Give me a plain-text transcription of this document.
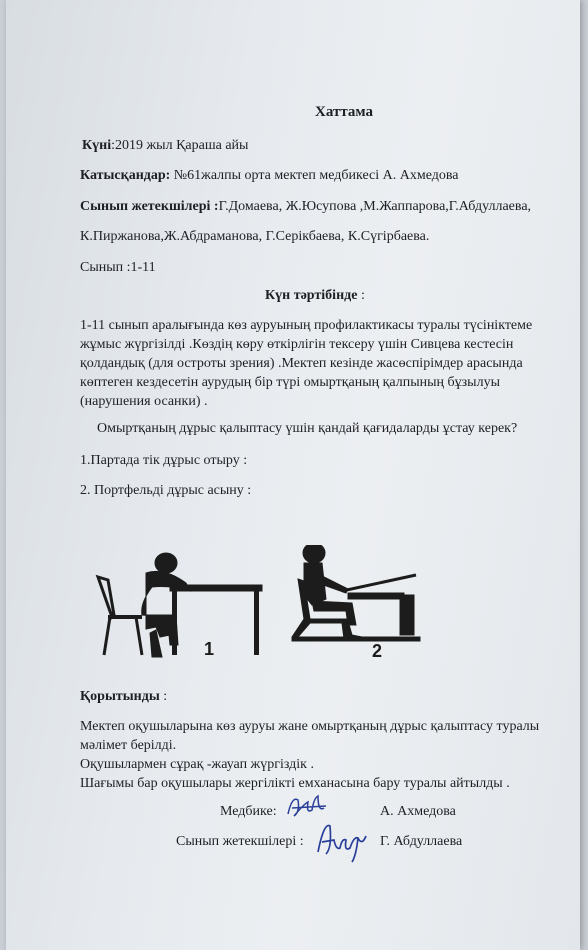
Хаттама
Күні:2019 жыл Қараша айы
Катысқандар: №61жалпы орта мектеп медбикесі А. Ахмедова
Сынып жетекшілері :Г.Домаева, Ж.Юсупова ,М.Жаппарова,Г.Абдуллаева,
К.Пиржанова,Ж.Абдраманова, Г.Серікбаева, К.Сүгірбаева.
Сынып :1-11
Күн тәртібінде :
1-11 сынып аралығында көз ауруының профилактикасы туралы түсініктеме жұмыс жүргізілді .Көздің көру өткірлігін тексеру үшін Сивцева кестесін қолдандық (для остроты зрения) .Мектеп кезінде жасөспірімдер арасында көптеген кездесетін аурудың бір түрі омыртқаның қалпының бұзылуы (нарушения осанки) .
Омыртқаның дұрыс қалыптасу үшін қандай қағидаларды ұстау керек?
1.Партада тік дұрыс отыру :
2. Портфельді дұрыс асыну :
1	2
Қорытынды :
Мектеп оқушыларына көз ауруы жане омыртқаның дұрыс қалыптасу туралы мәлімет берілді.
Оқушылармен сұрақ -жауап жүргіздік .
Шағымы бар оқушылары жергілікті емханасына бару туралы айтылды .
Медбике:	А. Ахмедова
Сынып жетекшілері :	Г. Абдуллаева
